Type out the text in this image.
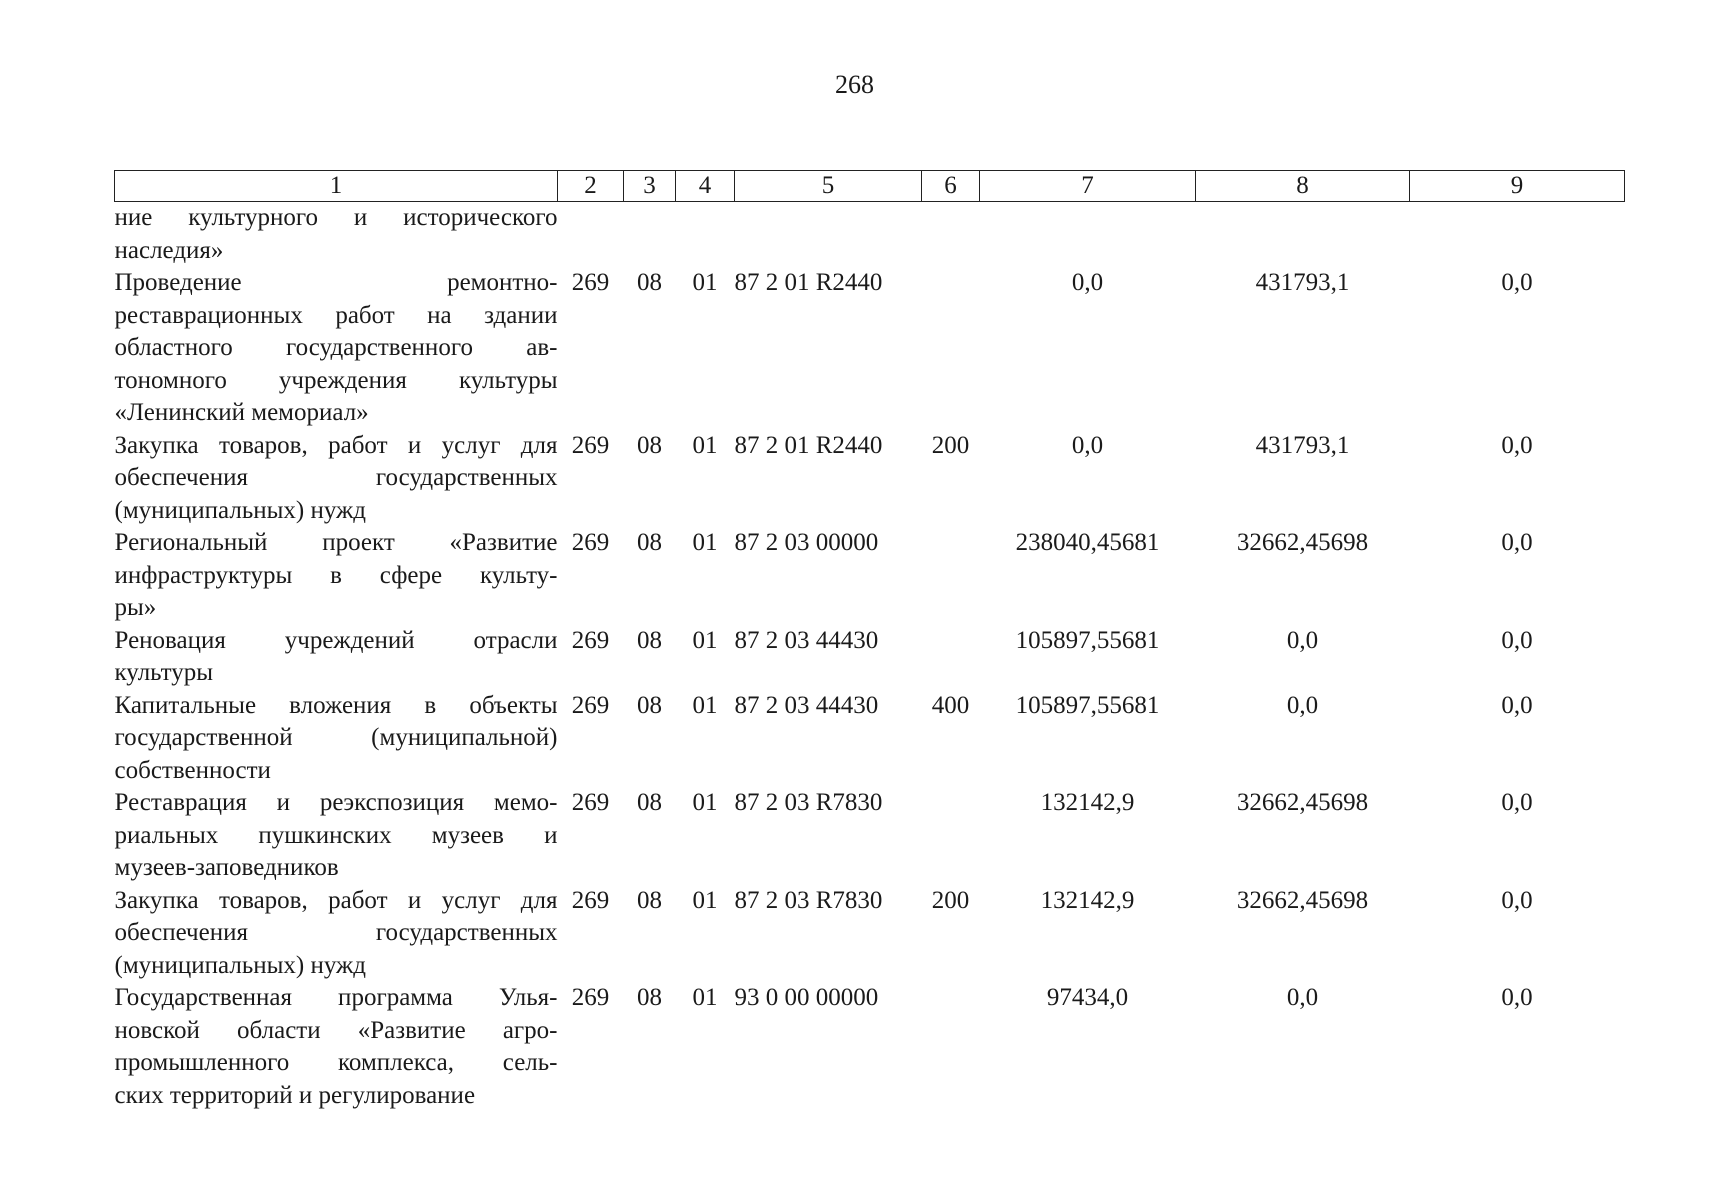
268
1	2	3	4	5	6	7	8	9

ние культурного и исторического
наследия»								

Проведение ремонтно-
реставрационных работ на здании
областного государственного ав-
тономного учреждения культуры
«Ленинский мемориал»	269	08	01	87 2 01 R2440		0,0	431793,1	0,0

Закупка товаров, работ и услуг для
обеспечения государственных
(муниципальных) нужд	269	08	01	87 2 01 R2440	200	0,0	431793,1	0,0

Региональный проект «Развитие
инфраструктуры в сфере культу-
ры»	269	08	01	87 2 03 00000		238040,45681	32662,45698	0,0

Реновация учреждений отрасли
культуры	269	08	01	87 2 03 44430		105897,55681	0,0	0,0

Капитальные вложения в объекты
государственной (муниципальной)
собственности	269	08	01	87 2 03 44430	400	105897,55681	0,0	0,0

Реставрация и реэкспозиция мемо-
риальных пушкинских музеев и
музеев-заповедников	269	08	01	87 2 03 R7830		132142,9	32662,45698	0,0

Закупка товаров, работ и услуг для
обеспечения государственных
(муниципальных) нужд	269	08	01	87 2 03 R7830	200	132142,9	32662,45698	0,0

Государственная программа Улья-
новской области «Развитие агро-
промышленного комплекса, сель-
ских территорий и регулирование	269	08	01	93 0 00 00000		97434,0	0,0	0,0
